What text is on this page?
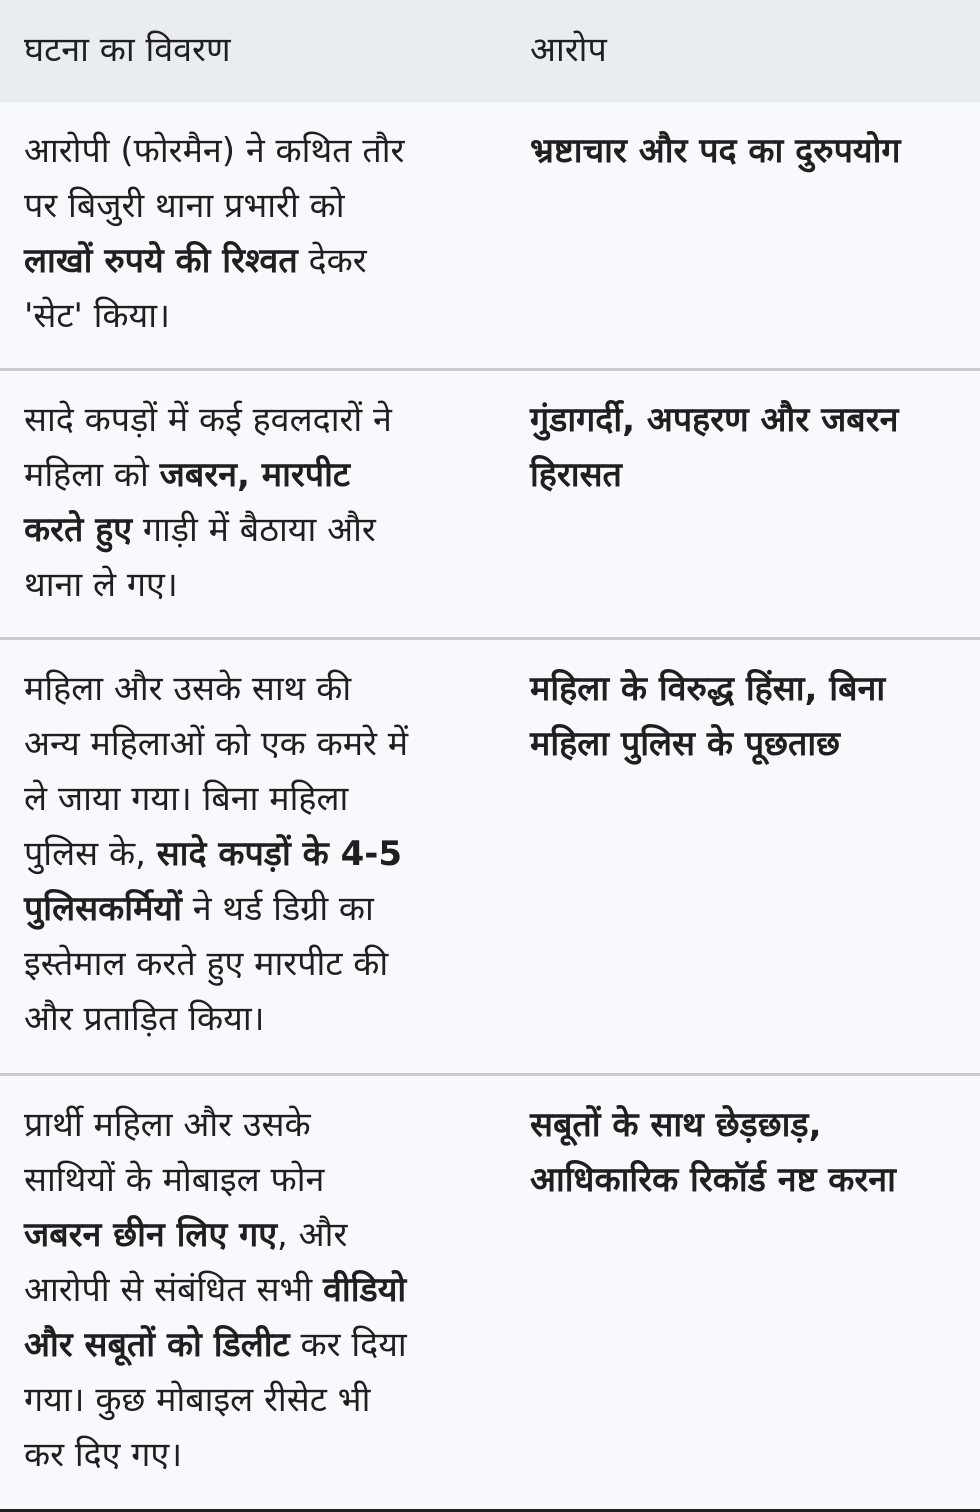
घटना का विवरण	आरोप
आरोपी (फोरमैन) ने कथित तौर
पर बिजुरी थाना प्रभारी को
लाखों रुपये की रिश्वत देकर
'सेट' किया।
भ्रष्टाचार और पद का दुरुपयोग
सादे कपड़ों में कई हवलदारों ने
महिला को जबरन, मारपीट
करते हुए गाड़ी में बैठाया और
थाना ले गए।
गुंडागर्दी, अपहरण और जबरन
हिरासत
महिला और उसके साथ की
अन्य महिलाओं को एक कमरे में
ले जाया गया। बिना महिला
पुलिस के, सादे कपड़ों के 4-5
पुलिसकर्मियों ने थर्ड डिग्री का
इस्तेमाल करते हुए मारपीट की
और प्रताड़ित किया।
महिला के विरुद्ध हिंसा, बिना
महिला पुलिस के पूछताछ
प्रार्थी महिला और उसके
साथियों के मोबाइल फोन
जबरन छीन लिए गए, और
आरोपी से संबंधित सभी वीडियो
और सबूतों को डिलीट कर दिया
गया। कुछ मोबाइल रीसेट भी
कर दिए गए।
सबूतों के साथ छेड़छाड़,
आधिकारिक रिकॉर्ड नष्ट करना
